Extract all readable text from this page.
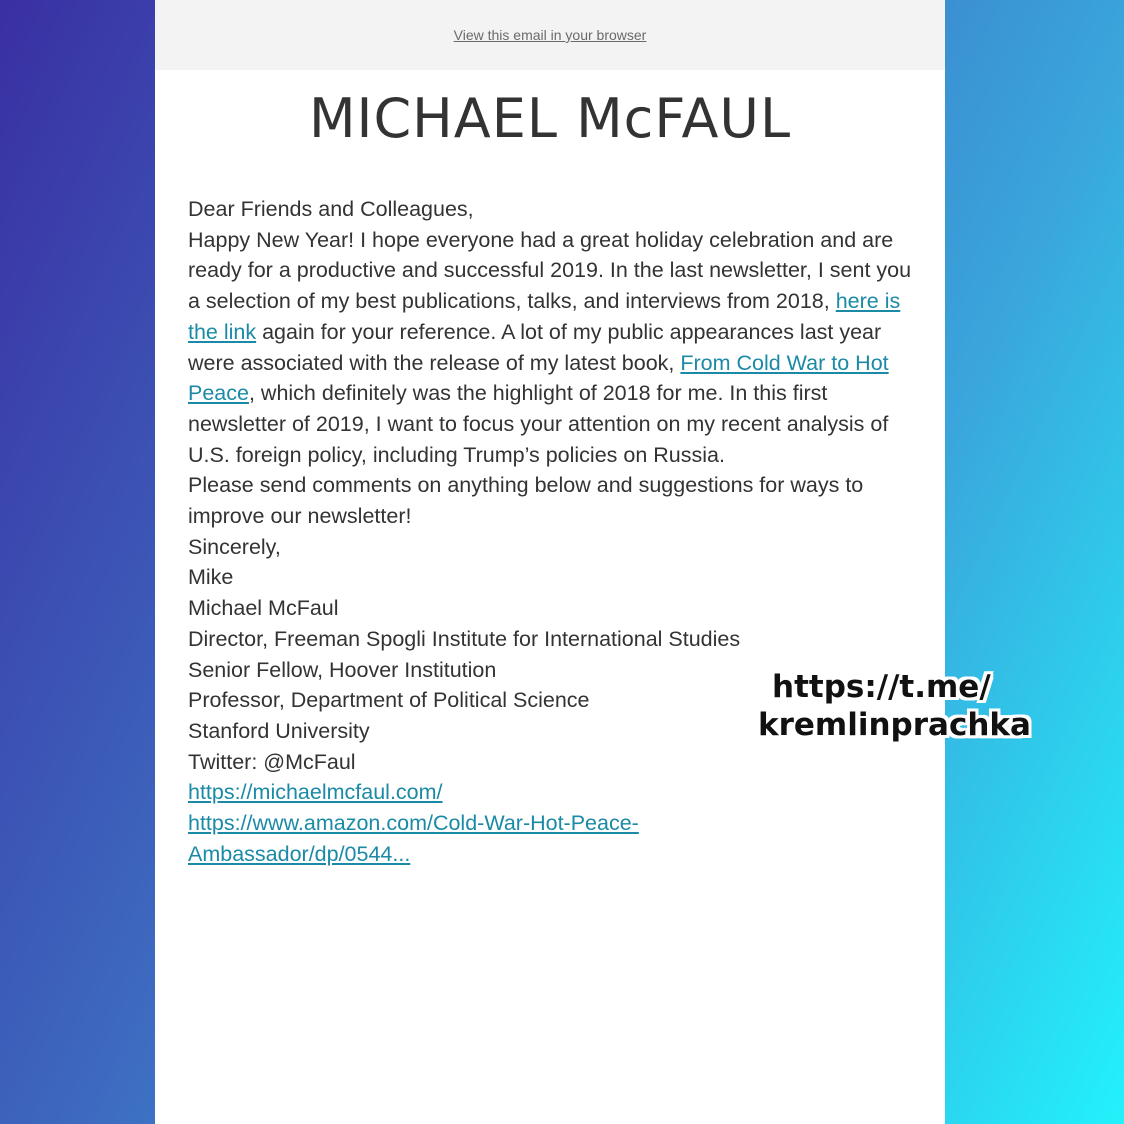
View this email in your browser
MICHAEL McFAUL

Dear Friends and Colleagues,

Happy New Year! I hope everyone had a great holiday celebration and are ready for a productive and successful 2019. In the last newsletter, I sent you a selection of my best publications, talks, and interviews from 2018, here is the link again for your reference. A lot of my public appearances last year were associated with the release of my latest book, From Cold War to Hot Peace, which definitely was the highlight of 2018 for me. In this first newsletter of 2019, I want to focus your attention on my recent analysis of U.S. foreign policy, including Trump’s policies on Russia.

Please send comments on anything below and suggestions for ways to improve our newsletter!

Sincerely,

Mike

Michael McFaul

Director, Freeman Spogli Institute for International Studies
Senior Fellow, Hoover Institution
Professor, Department of Political Science
Stanford University
Twitter: @McFaul
https://michaelmcfaul.com/
https://www.amazon.com/Cold-War-Hot-Peace-
Ambassador/dp/0544...

https://t.me/
kremlinprachka
